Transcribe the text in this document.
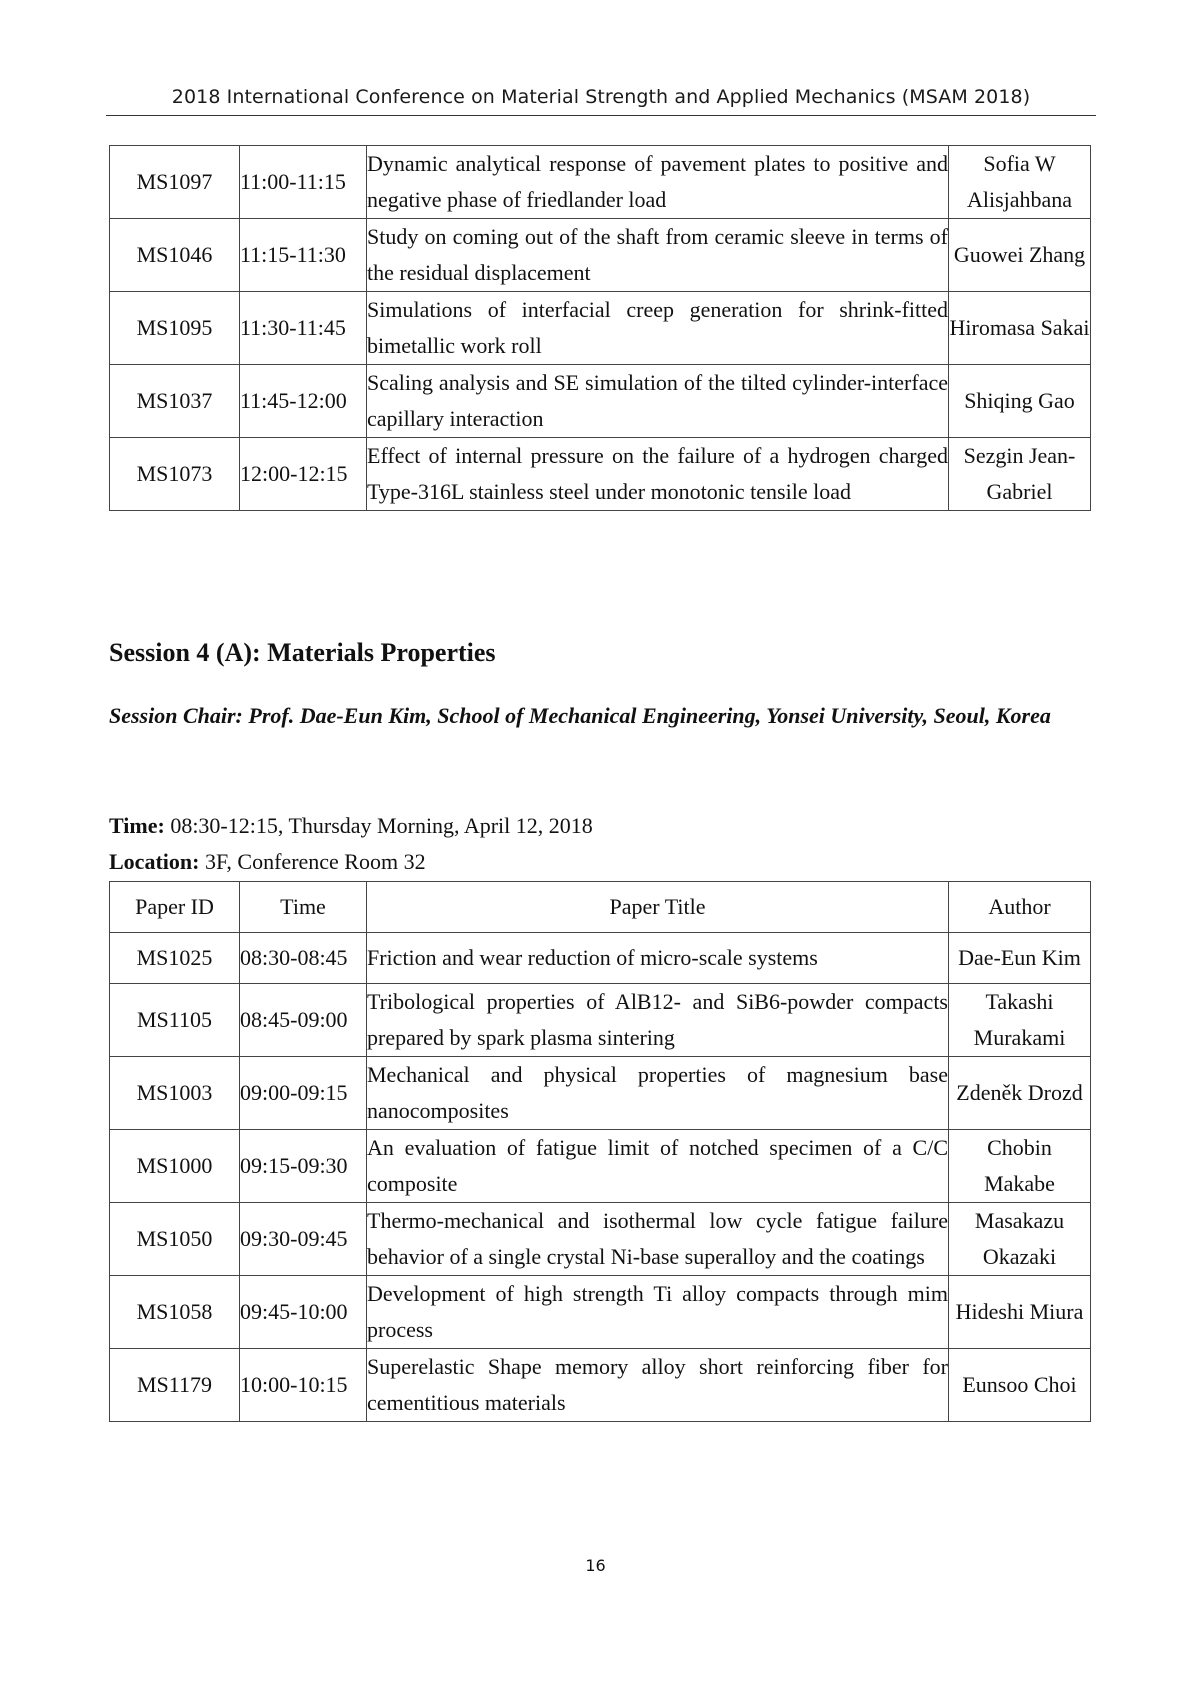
2018 International Conference on Material Strength and Applied Mechanics (MSAM 2018)
MS1097	11:00-11:15	Dynamic analytical response of pavement plates to positive and negative phase of friedlander load	Sofia W Alisjahbana
MS1046	11:15-11:30	Study on coming out of the shaft from ceramic sleeve in terms of the residual displacement	Guowei Zhang
MS1095	11:30-11:45	Simulations of interfacial creep generation for shrink-fitted bimetallic work roll	Hiromasa Sakai
MS1037	11:45-12:00	Scaling analysis and SE simulation of the tilted cylinder-interface capillary interaction	Shiqing Gao
MS1073	12:00-12:15	Effect of internal pressure on the failure of a hydrogen charged Type-316L stainless steel under monotonic tensile load	Sezgin Jean-Gabriel
Session 4 (A): Materials Properties
Session Chair: Prof. Dae-Eun Kim, School of Mechanical Engineering, Yonsei University, Seoul, Korea
Time: 08:30-12:15, Thursday Morning, April 12, 2018
Location: 3F, Conference Room 32
Paper ID	Time	Paper Title	Author
MS1025	08:30-08:45	Friction and wear reduction of micro-scale systems	Dae-Eun Kim
MS1105	08:45-09:00	Tribological properties of AlB12- and SiB6-powder compacts prepared by spark plasma sintering	Takashi Murakami
MS1003	09:00-09:15	Mechanical and physical properties of magnesium base nanocomposites	Zdeněk Drozd
MS1000	09:15-09:30	An evaluation of fatigue limit of notched specimen of a C/C composite	Chobin Makabe
MS1050	09:30-09:45	Thermo-mechanical and isothermal low cycle fatigue failure behavior of a single crystal Ni-base superalloy and the coatings	Masakazu Okazaki
MS1058	09:45-10:00	Development of high strength Ti alloy compacts through mim process	Hideshi Miura
MS1179	10:00-10:15	Superelastic Shape memory alloy short reinforcing fiber for cementitious materials	Eunsoo Choi
16
